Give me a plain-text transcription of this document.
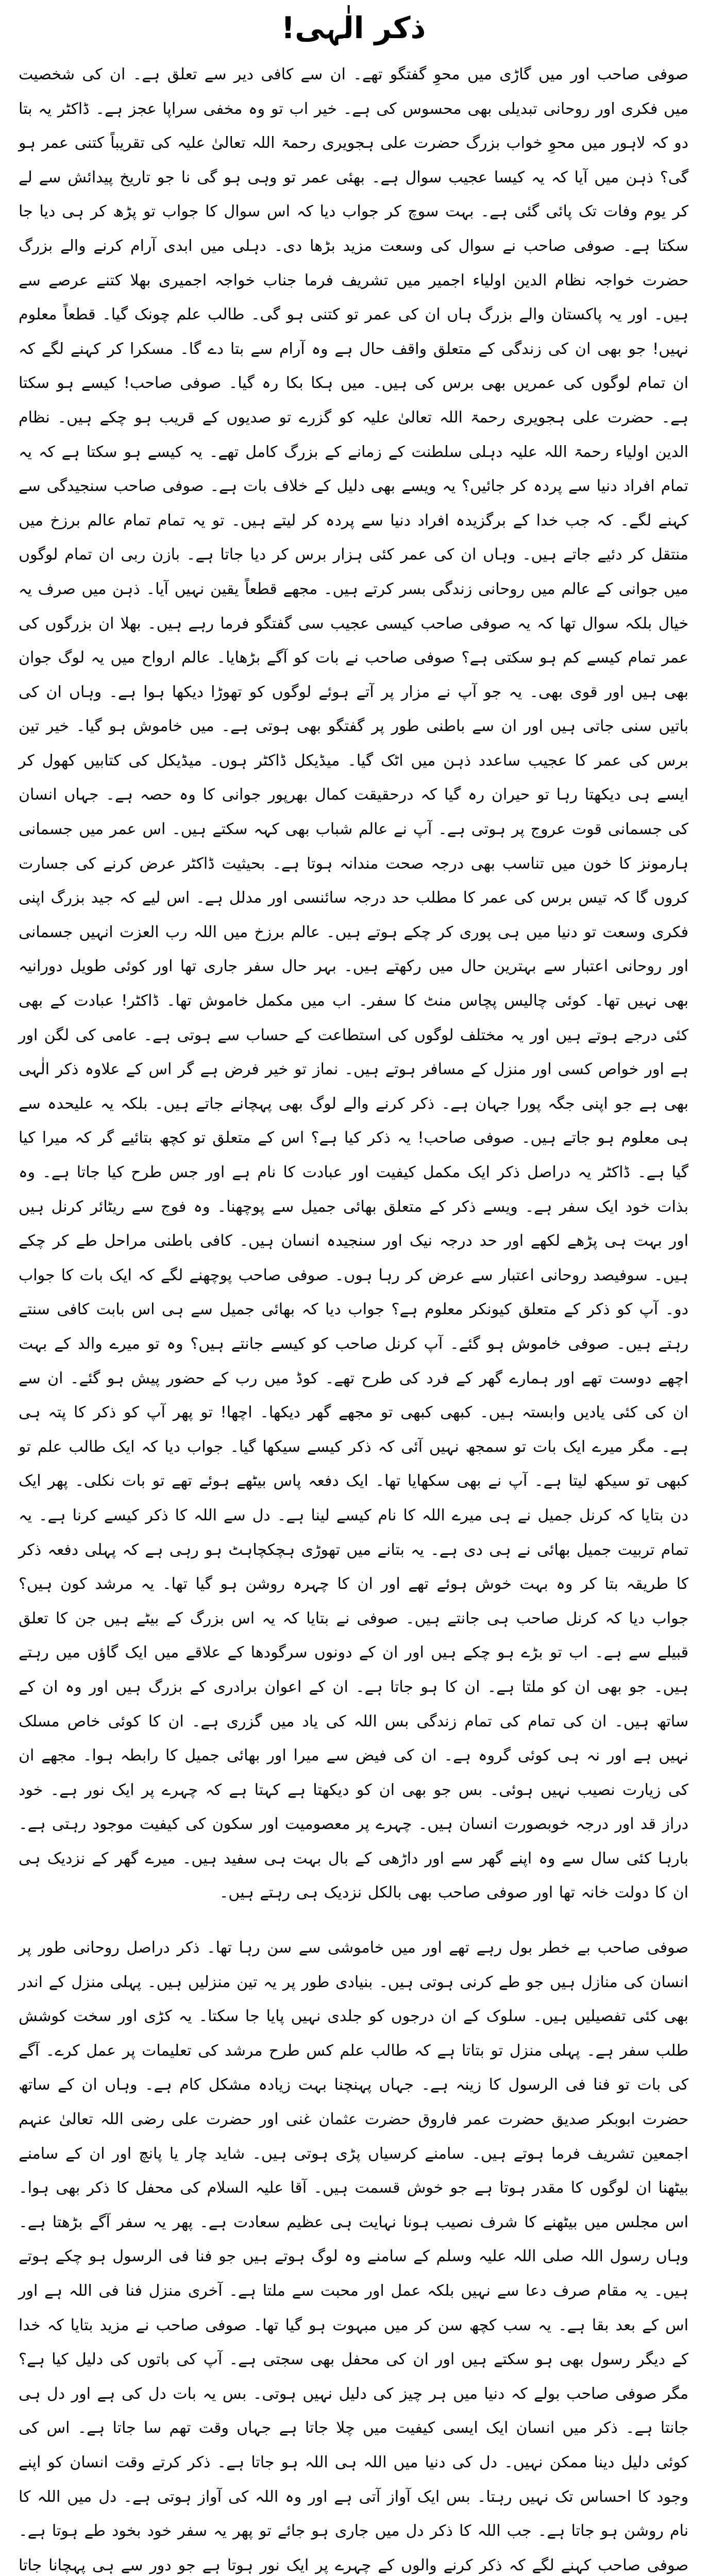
ذکر الٰہی!

صوفی صاحب اور میں گاڑی میں محوِ گفتگو تھے۔ ان سے کافی دیر سے تعلق ہے۔ ان کی شخصیت میں فکری اور روحانی تبدیلی بھی محسوس کی ہے۔ خیر اب تو وہ مخفی سراپا عجز ہے۔ ڈاکٹر یہ بتا دو کہ لاہور میں محوِ خواب بزرگ حضرت علی ہجویری رحمۃ اللہ تعالیٰ علیہ کی تقریباً کتنی عمر ہو گی؟ ذہن میں آیا کہ یہ کیسا عجیب سوال ہے۔ بھئی عمر تو وہی ہو گی نا جو تاریخ پیدائش سے لے کر یوم وفات تک پائی گئی ہے۔ بہت سوچ کر جواب دیا کہ اس سوال کا جواب تو پڑھ کر ہی دیا جا سکتا ہے۔ صوفی صاحب نے سوال کی وسعت مزید بڑھا دی۔ دہلی میں ابدی آرام کرنے والے بزرگ حضرت خواجہ نظام الدین اولیاء اجمیر میں تشریف فرما جناب خواجہ اجمیری بھلا کتنے عرصے سے ہیں۔ اور یہ پاکستان والے بزرگ ہاں ان کی عمر تو کتنی ہو گی۔ طالب علم چونک گیا۔ قطعاً معلوم نہیں! جو بھی ان کی زندگی کے متعلق واقف حال ہے وہ آرام سے بتا دے گا۔ مسکرا کر کہنے لگے کہ ان تمام لوگوں کی عمریں بھی برس کی ہیں۔ میں ہکا بکا رہ گیا۔ صوفی صاحب! کیسے ہو سکتا ہے۔ حضرت علی ہجویری رحمۃ اللہ تعالیٰ علیہ کو گزرے تو صدیوں کے قریب ہو چکے ہیں۔ نظام الدین اولیاء رحمۃ اللہ علیہ دہلی سلطنت کے زمانے کے بزرگ کامل تھے۔ یہ کیسے ہو سکتا ہے کہ یہ تمام افراد دنیا سے پردہ کر جائیں؟ یہ ویسے بھی دلیل کے خلاف بات ہے۔ صوفی صاحب سنجیدگی سے کہنے لگے۔ کہ جب خدا کے برگزیدہ افراد دنیا سے پردہ کر لیتے ہیں۔ تو یہ تمام تمام عالم برزخ میں منتقل کر دئیے جاتے ہیں۔ وہاں ان کی عمر کئی ہزار برس کر دیا جاتا ہے۔ بازن ربی ان تمام لوگوں میں جوانی کے عالم میں روحانی زندگی بسر کرتے ہیں۔ مجھے قطعاً یقین نہیں آیا۔ ذہن میں صرف یہ خیال بلکہ سوال تھا کہ یہ صوفی صاحب کیسی عجیب سی گفتگو فرما رہے ہیں۔ بھلا ان بزرگوں کی عمر تمام کیسے کم ہو سکتی ہے؟ صوفی صاحب نے بات کو آگے بڑھایا۔ عالم ارواح میں یہ لوگ جوان بھی ہیں اور قوی بھی۔ یہ جو آپ نے مزار پر آتے ہوئے لوگوں کو تھوڑا دیکھا ہوا ہے۔ وہاں ان کی باتیں سنی جاتی ہیں اور ان سے باطنی طور پر گفتگو بھی ہوتی ہے۔ میں خاموش ہو گیا۔ خیر تین برس کی عمر کا عجیب ساعدد ذہن میں اٹک گیا۔ میڈیکل ڈاکٹر ہوں۔ میڈیکل کی کتابیں کھول کر ایسے ہی دیکھتا رہا تو حیران رہ گیا کہ درحقیقت کمال بھرپور جوانی کا وہ حصہ ہے۔ جہاں انسان کی جسمانی قوت عروج پر ہوتی ہے۔ آپ نے عالم شباب بھی کہہ سکتے ہیں۔ اس عمر میں جسمانی ہارمونز کا خون میں تناسب بھی درجہ صحت مندانہ ہوتا ہے۔ بحیثیت ڈاکٹر عرض کرنے کی جسارت کروں گا کہ تیس برس کی عمر کا مطلب حد درجہ سائنسی اور مدلل ہے۔ اس لیے کہ جید بزرگ اپنی فکری وسعت تو دنیا میں ہی پوری کر چکے ہوتے ہیں۔ عالم برزخ میں اللہ رب العزت انہیں جسمانی اور روحانی اعتبار سے بہترین حال میں رکھتے ہیں۔ بہر حال سفر جاری تھا اور کوئی طویل دورانیہ بھی نہیں تھا۔ کوئی چالیس پچاس منٹ کا سفر۔ اب میں مکمل خاموش تھا۔ ڈاکٹر! عبادت کے بھی کئی درجے ہوتے ہیں اور یہ مختلف لوگوں کی استطاعت کے حساب سے ہوتی ہے۔ عامی کی لگن اور ہے اور خواص کسی اور منزل کے مسافر ہوتے ہیں۔ نماز تو خیر فرض ہے گر اس کے علاوہ ذکر الٰہی بھی ہے جو اپنی جگہ پورا جہان ہے۔ ذکر کرنے والے لوگ بھی پہچانے جاتے ہیں۔ بلکہ یہ علیحدہ سے ہی معلوم ہو جاتے ہیں۔ صوفی صاحب! یہ ذکر کیا ہے؟ اس کے متعلق تو کچھ بتائیے گر کہ میرا کیا گیا ہے۔ ڈاکٹر یہ دراصل ذکر ایک مکمل کیفیت اور عبادت کا نام ہے اور جس طرح کیا جاتا ہے۔ وہ بذات خود ایک سفر ہے۔ ویسے ذکر کے متعلق بھائی جمیل سے پوچھنا۔ وہ فوج سے ریٹائر کرنل ہیں اور بہت ہی پڑھے لکھے اور حد درجہ نیک اور سنجیدہ انسان ہیں۔ کافی باطنی مراحل طے کر چکے ہیں۔ سوفیصد روحانی اعتبار سے عرض کر رہا ہوں۔ صوفی صاحب پوچھنے لگے کہ ایک بات کا جواب دو۔ آپ کو ذکر کے متعلق کیونکر معلوم ہے؟ جواب دیا کہ بھائی جمیل سے ہی اس بابت کافی سنتے رہتے ہیں۔ صوفی خاموش ہو گئے۔ آپ کرنل صاحب کو کیسے جانتے ہیں؟ وہ تو میرے والد کے بہت اچھے دوست تھے اور ہمارے گھر کے فرد کی طرح تھے۔ کوڈ میں رب کے حضور پیش ہو گئے۔ ان سے ان کی کئی یادیں وابستہ ہیں۔ کبھی کبھی تو مجھے گھر دیکھا۔ اچھا! تو پھر آپ کو ذکر کا پتہ ہی ہے۔ مگر میرے ایک بات تو سمجھ نہیں آئی کہ ذکر کیسے سیکھا گیا۔ جواب دیا کہ ایک طالب علم تو کبھی تو سیکھ لیتا ہے۔ آپ نے بھی سکھایا تھا۔ ایک دفعہ پاس بیٹھے ہوئے تھے تو بات نکلی۔ پھر ایک دن بتایا کہ کرنل جمیل نے ہی میرے اللہ کا نام کیسے لینا ہے۔ دل سے اللہ کا ذکر کیسے کرنا ہے۔ یہ تمام تربیت جمیل بھائی نے ہی دی ہے۔ یہ بتانے میں تھوڑی ہچکچاہٹ ہو رہی ہے کہ پہلی دفعہ ذکر کا طریقہ بتا کر وہ بہت خوش ہوئے تھے اور ان کا چہرہ روشن ہو گیا تھا۔ یہ مرشد کون ہیں؟ جواب دیا کہ کرنل صاحب ہی جانتے ہیں۔ صوفی نے بتایا کہ یہ اس بزرگ کے بیٹے ہیں جن کا تعلق قبیلے سے ہے۔ اب تو بڑے ہو چکے ہیں اور ان کے دونوں سرگودھا کے علاقے میں ایک گاؤں میں رہتے ہیں۔ جو بھی ان کو ملتا ہے۔ ان کا ہو جاتا ہے۔ ان کے اعوان برادری کے بزرگ ہیں اور وہ ان کے ساتھ ہیں۔ ان کی تمام کی تمام زندگی بس اللہ کی یاد میں گزری ہے۔ ان کا کوئی خاص مسلک نہیں ہے اور نہ ہی کوئی گروہ ہے۔ ان کی فیض سے میرا اور بھائی جمیل کا رابطہ ہوا۔ مجھے ان کی زیارت نصیب نہیں ہوئی۔ بس جو بھی ان کو دیکھتا ہے کہتا ہے کہ چہرے پر ایک نور ہے۔ خود دراز قد اور درجہ خوبصورت انسان ہیں۔ چہرے پر معصومیت اور سکون کی کیفیت موجود رہتی ہے۔ بارہا کئی سال سے وہ اپنے گھر سے اور داڑھی کے بال بہت ہی سفید ہیں۔ میرے گھر کے نزدیک ہی ان کا دولت خانہ تھا اور صوفی صاحب بھی بالکل نزدیک ہی رہتے ہیں۔

صوفی صاحب بے خطر بول رہے تھے اور میں خاموشی سے سن رہا تھا۔ ذکر دراصل روحانی طور پر انسان کی منازل ہیں جو طے کرنی ہوتی ہیں۔ بنیادی طور پر یہ تین منزلیں ہیں۔ پہلی منزل کے اندر بھی کئی تفصیلیں ہیں۔ سلوک کے ان درجوں کو جلدی نہیں پایا جا سکتا۔ یہ کڑی اور سخت کوشش طلب سفر ہے۔ پہلی منزل تو بتاتا ہے کہ طالب علم کس طرح مرشد کی تعلیمات پر عمل کرے۔ آگے کی بات تو فنا فی الرسول کا زینہ ہے۔ جہاں پہنچنا بہت زیادہ مشکل کام ہے۔ وہاں ان کے ساتھ حضرت ابوبکر صدیق حضرت عمر فاروق حضرت عثمان غنی اور حضرت علی رضی اللہ تعالیٰ عنہم اجمعین تشریف فرما ہوتے ہیں۔ سامنے کرسیاں پڑی ہوتی ہیں۔ شاید چار یا پانچ اور ان کے سامنے بیٹھنا ان لوگوں کا مقدر ہوتا ہے جو خوش قسمت ہیں۔ آقا علیہ السلام کی محفل کا ذکر بھی ہوا۔ اس مجلس میں بیٹھنے کا شرف نصیب ہونا نہایت ہی عظیم سعادت ہے۔ پھر یہ سفر آگے بڑھتا ہے۔ وہاں رسول اللہ صلی اللہ علیہ وسلم کے سامنے وہ لوگ ہوتے ہیں جو فنا فی الرسول ہو چکے ہوتے ہیں۔ یہ مقام صرف دعا سے نہیں بلکہ عمل اور محبت سے ملتا ہے۔ آخری منزل فنا فی اللہ ہے اور اس کے بعد بقا ہے۔ یہ سب کچھ سن کر میں مبہوت ہو گیا تھا۔ صوفی صاحب نے مزید بتایا کہ خدا کے دیگر رسول بھی ہو سکتے ہیں اور ان کی محفل بھی سجتی ہے۔ آپ کی باتوں کی دلیل کیا ہے؟ مگر صوفی صاحب بولے کہ دنیا میں ہر چیز کی دلیل نہیں ہوتی۔ بس یہ بات دل کی ہے اور دل ہی جانتا ہے۔ ذکر میں انسان ایک ایسی کیفیت میں چلا جاتا ہے جہاں وقت تھم سا جاتا ہے۔ اس کی کوئی دلیل دینا ممکن نہیں۔ دل کی دنیا میں اللہ ہی اللہ ہو جاتا ہے۔ ذکر کرتے وقت انسان کو اپنے وجود کا احساس تک نہیں رہتا۔ بس ایک آواز آتی ہے اور وہ اللہ کی آواز ہوتی ہے۔ دل میں اللہ کا نام روشن ہو جاتا ہے۔ جب اللہ کا ذکر دل میں جاری ہو جائے تو پھر یہ سفر خود بخود طے ہوتا ہے۔ صوفی صاحب کہنے لگے کہ ذکر کرنے والوں کے چہرے پر ایک نور ہوتا ہے جو دور سے ہی پہچانا جاتا
